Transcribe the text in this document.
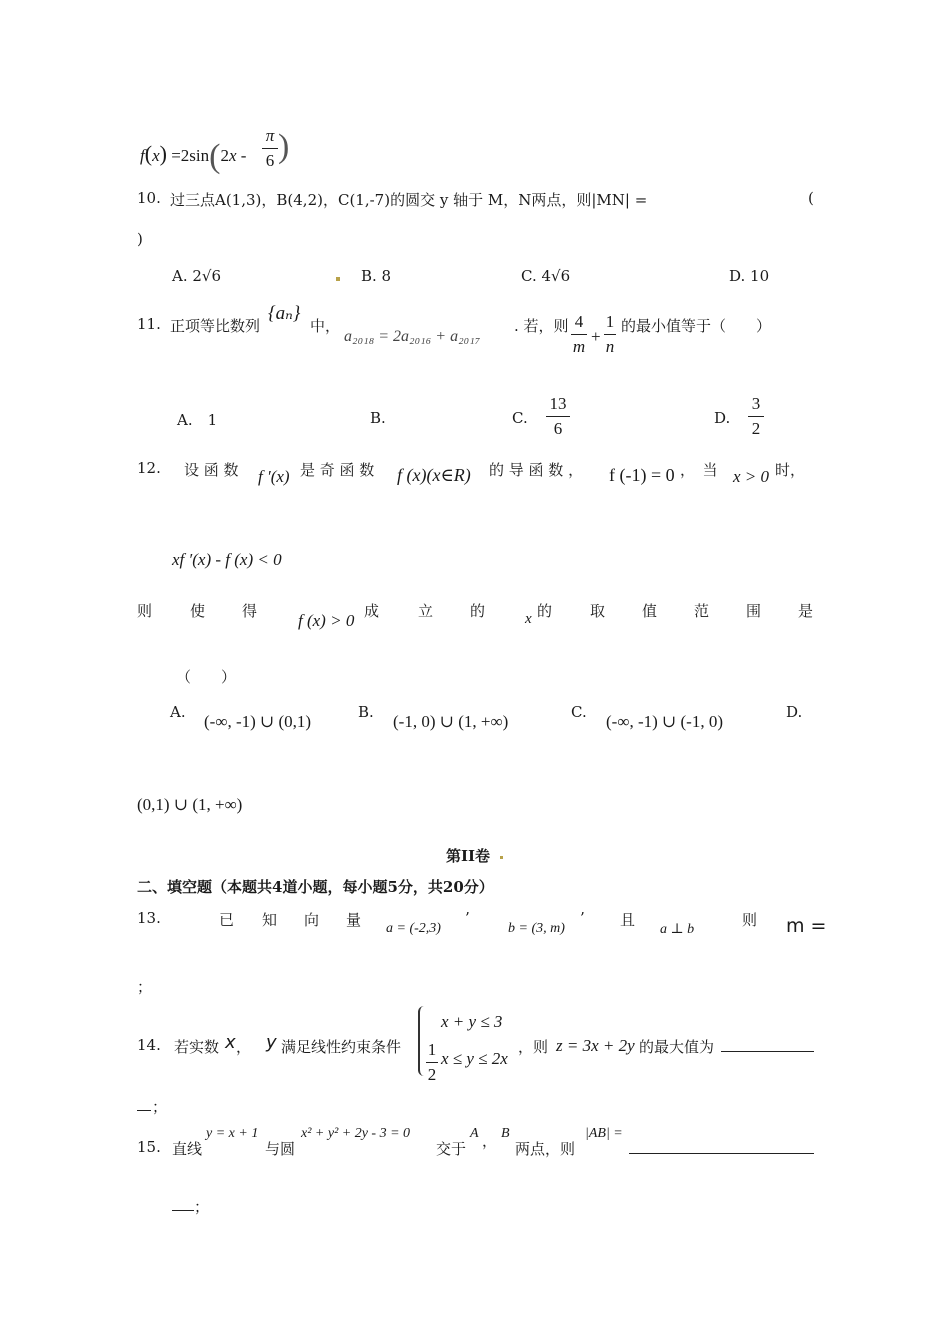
f(x) =2sin(2x -
π
6 )
10. 过三点A(1,3)，B(4,2)，C(1,-7)的圆交 y 轴于 M，N两点，则|MN| =	(
)
A. 2√6	B. 8	C. 4√6	D. 10
11. 正项等比数列
{aₙ}
中，
a₂₀₁₈ = 2a₂₀₁₆ + a₂₀₁₇
. 若，则 4
m
+
1
n
的最小值等于（　　）
A.　1	B.	C.
13
6
D.
3
2
12. 设 函 数 f ′(x) 是 奇 函 数 f (x)(x∈R) 的 导 函 数 ， f (-1) = 0 ，　当 x > 0 时，
xf ′(x) - f (x) < 0
则	使 得 f (x) > 0 成	立 的	x 的	取 值 范 围 是
（　　）
A. (-∞, -1) ∪ (0,1)	B. (-1, 0) ∪ (1, +∞)	C. (-∞, -1) ∪ (-1, 0)	D.
(0,1) ∪ (1, +∞)
第II卷
二、填空题（本题共4道小题，每小题5分，共20分）
13.	已 知 向 量 a = (-2,3)
’
b = (3, m)
’ 且
a ⊥ b
则 m =
；
14. 若实数 x ， y 满足线性约束条件
x + y ≤ 3
1
2
x ≤ y ≤ 2x
，则 z = 3x + 2y 的最大值为
；
15. 直线
y = x + 1
与圆
x² + y² + 2y - 3 = 0
交于
A ， B
两点，则
|AB| =
；
